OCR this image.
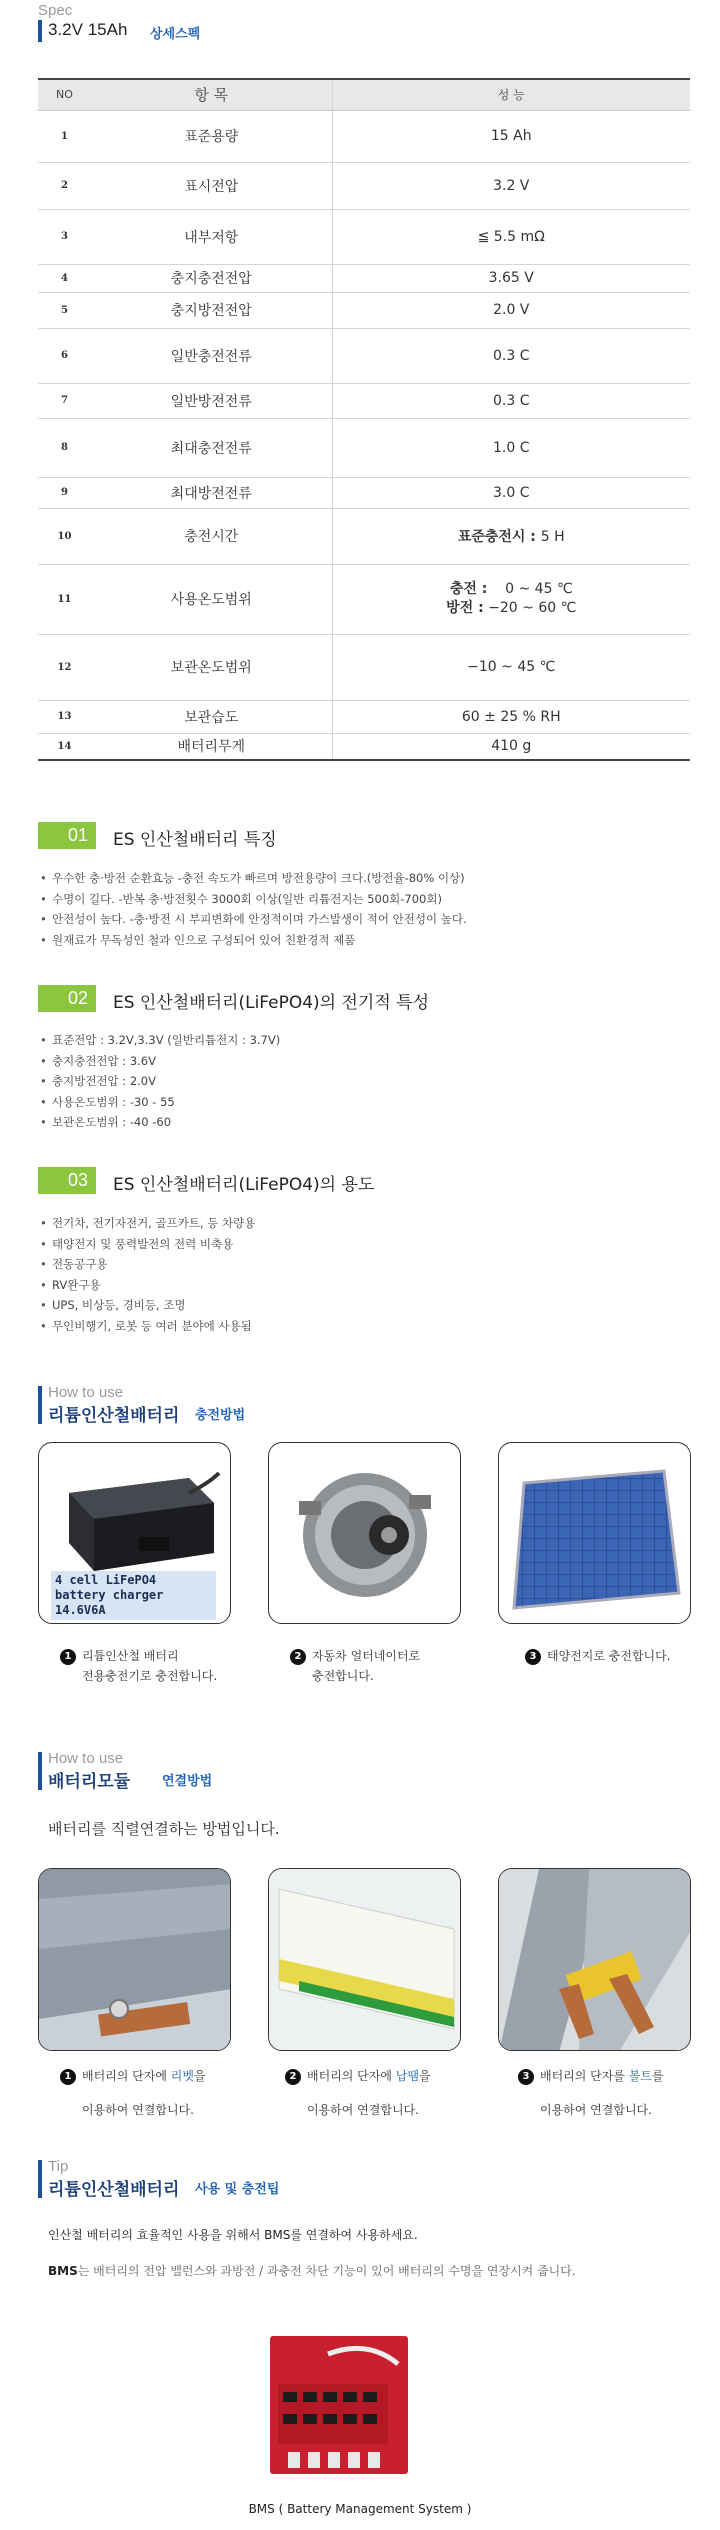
Spec
3.2V 15Ah 상세스펙
NO	항 목	성 능
1	표준용량	15 Ah
2	표시전압	3.2 V
3	내부저항	≦ 5.5 mΩ
4	충지충전전압	3.65 V
5	충지방전전압	2.0 V
6	일반충전전류	0.3 C
7	일반방전전류	0.3 C
8	최대충전전류	1.0 C
9	최대방전전류	3.0 C
10	충전시간	표준충전시 : 5 H
11	사용온도범위	충전 :    0 ~ 45 ℃
방전 : −20 ~ 60 ℃

12	보관온도범위	−10 ~ 45 ℃
13	보관습도	60 ± 25 % RH
14	배터리무게	410 g
01	ES 인산철배터리 특징
• 우수한 충·방전 순환효능 -충전 속도가 빠르며 방전용량이 크다.(방전율-80% 이상)
• 수명이 길다. -반복 충·방전횟수 3000회 이상(일반 리튬전지는 500회-700회)
• 안전성이 높다. -충·방전 시 부피변화에 안정적이며 가스발생이 적어 안전성이 높다.
• 원재료가 무독성인 철과 인으로 구성되어 있어 친환경적 제품
02	ES 인산철배터리(LiFePO4)의 전기적 특성
• 표준전압 : 3.2V,3.3V (일반리튬전지 : 3.7V)
• 충지충전전압 : 3.6V
• 충지방전전압 : 2.0V
• 사용온도범위 : -30 - 55
• 보관온도범위 : -40 -60
03	ES 인산철배터리(LiFePO4)의 용도
• 전기차, 전기자전거, 골프카트, 등 차량용
• 태양전지 및 풍력발전의 전력 비축용
• 전동공구용
• RV완구용
• UPS, 비상등, 경비등, 조명
• 무인비행기, 로봇 등 여러 분야에 사용됨
How to use
리튬인산철배터리 충전방법
4 cell LiFePO4 battery charger 14.6V6A
1 리튬인산철 배터리
전용충전기로 충전합니다.
2 자동차 얼터네이터로
충전합니다.
3 태양전지로 충전합니다.
How to use
배터리모듈 연결방법
배터리를 직렬연결하는 방법입니다.
1 배터리의 단자에 리벳을
이용하여 연결합니다.
2 배터리의 단자에 납땜을
이용하여 연결합니다.
3 배터리의 단자를 볼트를
이용하여 연결합니다.
Tip
리튬인산철배터리 사용 및 충전팁
인산철 배터리의 효율적인 사용을 위해서 BMS를 연결하여 사용하세요.
BMS는 배터리의 전압 밸런스와 과방전 / 과충전 차단 기능이 있어 배터리의 수명을 연장시켜 줍니다.
BMS ( Battery Management System )
